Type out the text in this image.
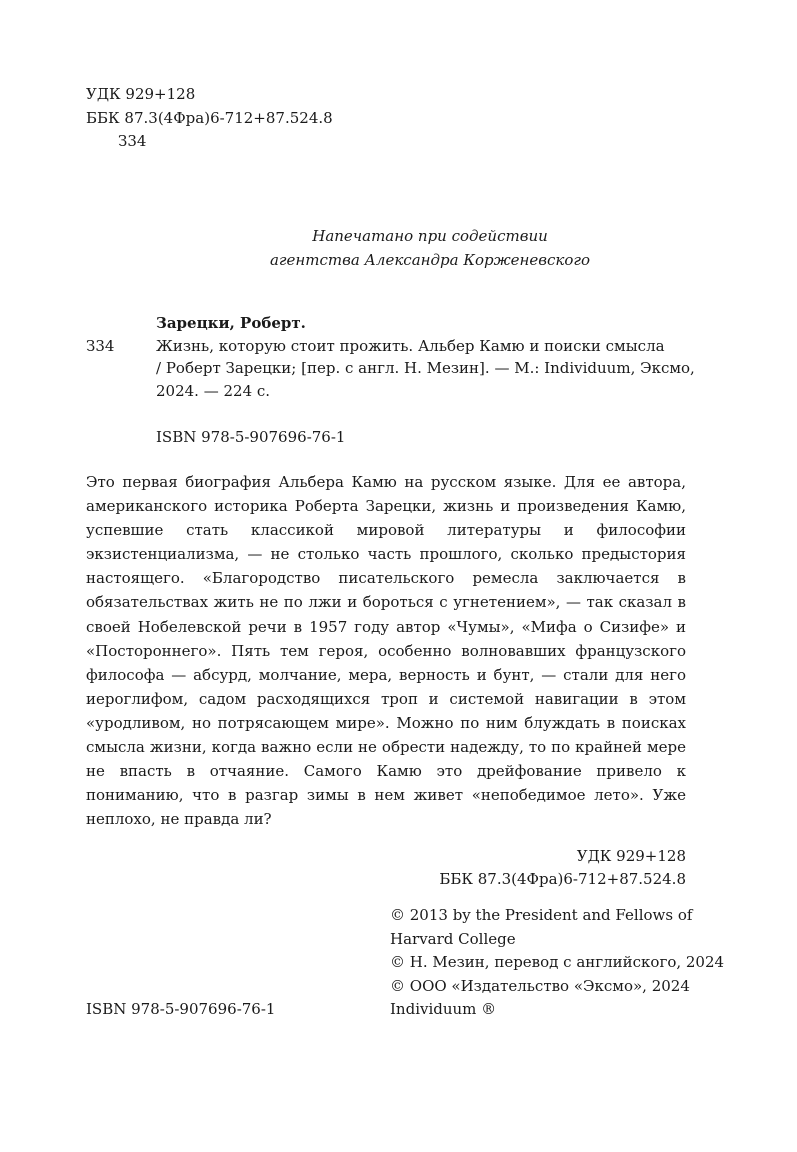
УДК 929+128
ББК 87.3(4Фра)6-712+87.524.8
З34
Напечатано при содействии
агентства Александра Корженевского
З34
Зарецки, Роберт.
Жизнь, которую стоит прожить. Альбер Камю и поиски смысла
/ Роберт Зарецки; [пер. с англ. Н. Мезин]. — М.: Individuum, Эксмо,
2024. — 224 с.
ISBN 978-5-907696-76-1

Это первая биография Альбера Камю на русском языке. Для ее автора, американского историка Роберта Зарецки, жизнь и произведения Камю, успевшие стать классикой мировой литературы и философии экзистенциализма, — не столько часть прошлого, сколько предыстория настоящего. «Благородство писательского ремесла заключается в обязательствах жить не по лжи и бороться с угнетением», — так сказал в своей Нобелевской речи в 1957 году автор «Чумы», «Мифа о Сизифе» и «Постороннего». Пять тем героя, особенно волновавших французского философа — абсурд, молчание, мера, верность и бунт, — стали для него иероглифом, садом расходящихся троп и системой навигации в этом «уродливом, но потрясающем мире». Можно по ним блуждать в поисках смысла жизни, когда важно если не обрести надежду, то по крайней мере не впасть в отчаяние. Самого Камю это дрейфование привело к пониманию, что в разгар зимы в нем живет «непобедимое лето». Уже неплохо, не правда ли?

УДК 929+128
ББК 87.3(4Фра)6-712+87.524.8
© 2013 by the President and Fellows of
Harvard College
© Н. Мезин, перевод с английского, 2024
© ООО «Издательство «Эксмо», 2024
Individuum ®
ISBN 978-5-907696-76-1
